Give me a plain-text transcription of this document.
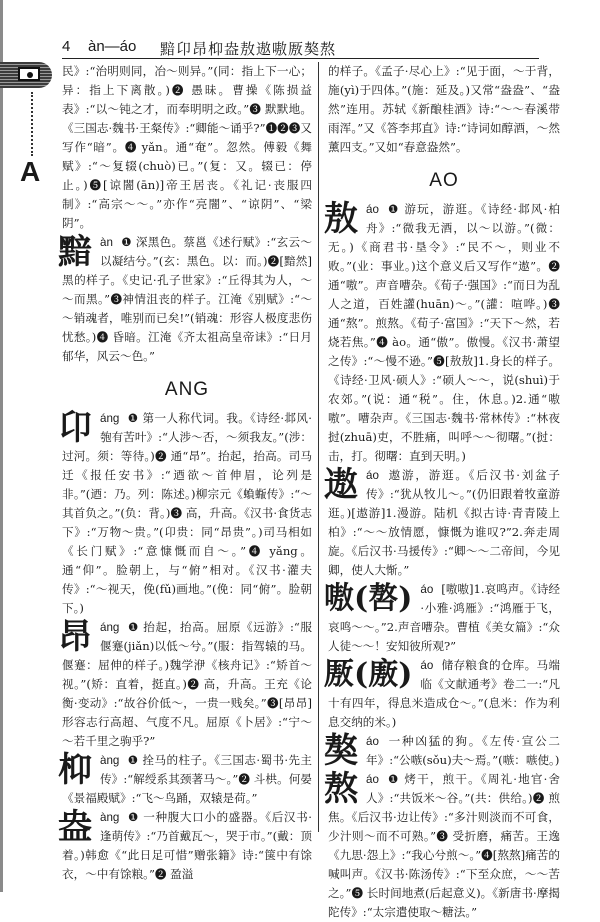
4 àn—áo 黯卬昂枊盎敖遨嗷厫獒熬
A

民》:“治明则同，冶～则异。”(同：指上下一心；异：指上下离散。)❷ 愚昧。曹操《陈损益表》:“以～钝之才，而奉明明之政。”❸ 默默地。《三国志·魏书·王粲传》:“卿能～诵乎?”❶❷❸又写作“暗”。❹ yǎn。通“奄”。忽然。傅毅《舞赋》:“～复辍(chuò)已。”(复：又。辍已：停止。)❺[谅闇(ān)]帝王居丧。《礼记·丧服四制》:“高宗～～。”亦作“亮闇”、“谅阴”、“梁阴”。

黯 àn ❶ 深黑色。蔡邕《述行赋》:“玄云～以凝结兮。”(玄：黑色。以：而。)❷[黯然]黑的样子。《史记·孔子世家》:“丘得其为人，～～而黑。”❸神情沮丧的样子。江淹《别赋》:“～～销魂者，唯别而已矣!”(销魂：形容人极度悲伤忧愁。)❹ 昏暗。江淹《齐太祖高皇帝诔》:“日月郁华，风云～色。”

ANG
卬 áng ❶ 第一人称代词。我。《诗经·邶风·匏有苦叶》:“人涉～否，～须我友。”(涉：过河。须：等待。)❷ 通“昂”。抬起，抬高。司马迁《报任安书》:“迺欲～首伸眉，论列是非。”(迺：乃。列：陈述。)柳宗元《蝜蝂传》:“～其首负之。”(负：背。)❸ 高，升高。《汉书·食货志下》:“万物～贵。”(卬贵：同“昂贵”。)司马相如《长门赋》:“意慷慨而自～。”❹ yǎng。通“仰”。脸朝上，与“俯”相对。《汉书·灌夫传》:“～视天，俛(fǔ)画地。”(俛：同“俯”。脸朝下。)

昂 áng ❶ 抬起，抬高。屈原《远游》:“服偃蹇(jiǎn)以低～兮。”(服：指驾辕的马。偃蹇：屈伸的样子。)魏学洢《核舟记》:“矫首～视。”(矫：直着，挺直。)❷ 高，升高。王充《论衡·变动》:“故谷价低～，一贵一贱矣。”❸[昂昂]形容志行高超、气度不凡。屈原《卜居》:“宁～～若千里之驹乎?”

枊 àng ❶ 拴马的柱子。《三国志·蜀书·先主传》:“解绶系其颈著马～。”❷ 斗栱。何晏《景福殿赋》:“飞～鸟踊，双辕是荷。”

盎 àng ❶ 一种腹大口小的盛器。《后汉书·逢萌传》:“乃首戴瓦～，哭于市。”(戴：顶着。)韩愈《“此日足可惜”赠张籍》诗:“箧中有馀衣，～中有馀粮。”❷ 盈溢

的样子。《孟子·尽心上》:“见于面，～于背，施(yì)于四体。”(施：延及。)又常“盎盎”、“盎然”连用。苏轼《新酿桂酒》诗:“～～春溪带雨浑。”又《答李邦直》诗:“诗词如醇酒，～然薰四支。”又如“春意盎然”。

AO
敖 áo ❶ 游玩，游逛。《诗经·邶风·柏舟》:“微我无酒，以～以游。”(微：无。)《商君书·垦令》:“民不～，则业不败。”(业：事业。)这个意义后又写作“遨”。❷ 通“嗷”。声音嘈杂。《荀子·强国》:“而日为乱人之道，百姓讙(huān)～。”(讙：喧哗。)❸ 通“熬”。煎熬。《荀子·富国》:“天下～然，若烧若焦。”❹ ào。通“傲”。傲慢。《汉书·萧望之传》:“～慢不逊。”❺[敖敖]1.身长的样子。《诗经·卫风·硕人》:“硕人～～，说(shuì)于农郊。”(说：通“税”。住，休息。)2.通“嗷嗷”。嘈杂声。《三国志·魏书·常林传》:“林夜挝(zhuā)吏，不胜痛，叫呼～～彻曙。”(挝：击，打。彻曙：直到天明。)

遨 áo 遨游，游逛。《后汉书·刘盆子传》:“犹从牧儿～。”(仍旧跟着牧童游逛。)[遨游]1.漫游。陆机《拟古诗·青青陵上柏》:“～～放情愿，慷慨为谁叹?”2.奔走周旋。《后汉书·马援传》:“卿～～二帝间，今见卿，使人大惭。”

嗷(嗸) áo [嗷嗷]1.哀鸣声。《诗经·小雅·鸿雁》:“鸿雁于飞，哀鸣～～。”2.声音嘈杂。曹植《美女篇》:“众人徒～～！安知彼所观?”

厫(廒) áo 储存粮食的仓库。马端临《文献通考》卷二一:“凡十有四年，得息米造成仓～。”(息米：作为利息交纳的米。)

獒 áo 一种凶猛的狗。《左传·宣公二年》:“公嗾(sǒu)夫～焉。”(嗾：嗾使。)

熬 áo ❶ 烤干，煎干。《周礼·地官·舍人》:“共饭米～谷。”(共：供给。)❷ 煎焦。《后汉书·边让传》:“多汁则淡而不可食，少汁则～而不可熟。”❸ 受折磨，痛苦。王逸《九思·怨上》:“我心兮煎～。”❹[熬熬]痛苦的喊叫声。《汉书·陈汤传》:“下至众庶，～～苦之。”❺ 长时间地煮(后起意义)。《新唐书·摩揭陀传》:“太宗遣使取～糖法。”
